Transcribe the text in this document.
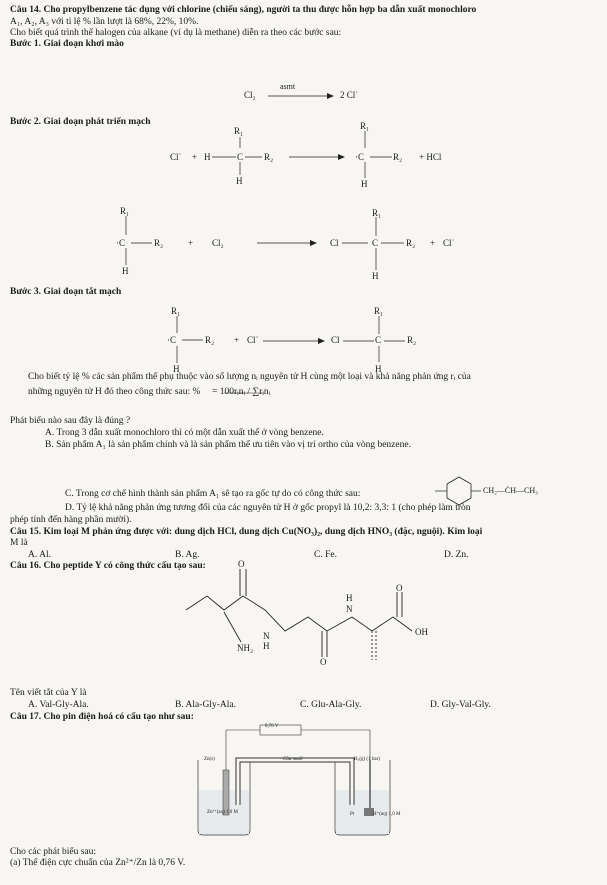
Câu 14. Cho propylbenzene tác dụng với chlorine (chiếu sáng), người ta thu được hỗn hợp ba dẫn xuất monochloro
A₁, A₂, A₃ với tỉ lệ % lần lượt là 68%, 22%, 10%.
Cho biết quá trình thế halogen của alkane (ví dụ là methane) diễn ra theo các bước sau:
Bước 1. Giai đoạn khơi mào
Cl₂
asmt
2 Cl˙
Bước 2. Giai đoạn phát triển mạch
R₁
Cl˙ + H	C R₂
H
R₁
·C	R₂ + HCl
H
R₁
·C	R₂	+ Cl₂
H
R₁
Cl	C	R₂ + Cl˙
H
Bước 3. Giai đoạn tắt mạch
R₁
·C	R₂ + Cl˙
H
R₁
Cl	C	R₂
H
Cho biết tỷ lệ % các sản phẩm thế phụ thuộc vào số lượng nᵢ nguyên tử H cùng một loại và khả năng phản ứng rᵢ của
những nguyên tử H đó theo công thức sau: % = 100rᵢnᵢ / ∑rᵢnᵢ
Phát biểu nào sau đây là đúng ?
A. Trong 3 dẫn xuất monochloro thì có một dẫn xuất thế ở vòng benzene.
B. Sản phẩm A₁ là sản phẩm chính và là sản phẩm thế ưu tiên vào vị trí ortho của vòng benzene.
C. Trong cơ chế hình thành sản phẩm A₁ sẽ tạo ra gốc tự do có công thức sau:	CH₂—ĊH—CH₃
D. Tỷ lệ khả năng phản ứng tương đối của các nguyên tử H ở gốc propyl là 10,2: 3,3: 1 (cho phép làm tròn
phép tính đến hàng phần mười).
Câu 15. Kim loại M phản ứng được với: dung dịch HCl, dung dịch Cu(NO₃)₂, dung dịch HNO₃ (đặc, nguội). Kim loại
M là
A. Al.	B. Ag.	C. Fe.	D. Zn.
Câu 16. Cho peptide Y có công thức cấu tạo sau:	O
O
H
N
N
H
OH
NH₂
O
Tên viết tắt của Y là
A. Val-Gly-Ala.	B. Ala-Gly-Ala.	C. Glu-Ala-Gly.	D. Gly-Val-Gly.
Câu 17. Cho pin điện hoá có cấu tạo như sau:
0,76 V
Zn(s)	Cầu muối	H₂(g) (1 bar)
Zn²⁺(aq) 1,0 M	Pt	H⁺(aq) 1,0 M
Cho các phát biểu sau:
(a) Thế điện cực chuẩn của Zn²⁺/Zn là 0,76 V.
